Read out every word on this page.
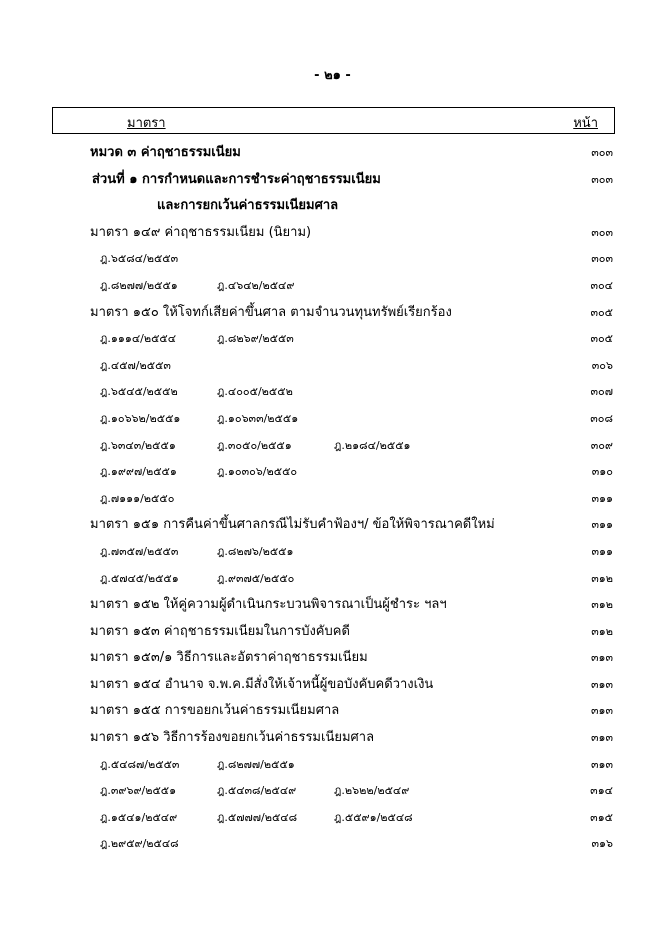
- ๒๑ -
มาตรา	หน้า
หมวด ๓ ค่าฤชาธรรมเนียม	๓๐๓
ส่วนที่ ๑ การกำหนดและการชำระค่าฤชาธรรมเนียม	๓๐๓
และการยกเว้นค่าธรรมเนียมศาล
มาตรา ๑๔๙ ค่าฤชาธรรมเนียม (นิยาม)	๓๐๓
ฎ.๖๕๘๔/๒๕๕๓	๓๐๓
ฎ.๘๒๗๗/๒๕๕๑	ฎ.๔๖๔๒/๒๕๔๙	๓๐๔
มาตรา ๑๕๐ ให้โจทก์เสียค่าขึ้นศาล ตามจำนวนทุนทรัพย์เรียกร้อง	๓๐๕
ฎ.๑๑๑๔/๒๕๕๔	ฎ.๘๒๖๙/๒๕๕๓	๓๐๕
ฎ.๔๕๗/๒๕๕๓	๓๐๖
ฎ.๖๕๔๕/๒๕๕๒	ฎ.๔๐๐๕/๒๕๕๒	๓๐๗
ฎ.๑๐๖๖๒/๒๕๕๑	ฎ.๑๐๖๓๓/๒๕๕๑	๓๐๘
ฎ.๖๓๔๓/๒๕๕๑	ฎ.๓๐๕๐/๒๕๕๑	ฎ.๒๑๘๔/๒๕๕๑	๓๐๙
ฎ.๑๙๙๗/๒๕๕๑	ฎ.๑๐๓๐๖/๒๕๕๐	๓๑๐
ฎ.๗๑๑๑/๒๕๕๐	๓๑๑
มาตรา ๑๕๑ การคืนค่าขึ้นศาลกรณีไม่รับคำฟ้องฯ/ ข้อให้พิจารณาคดีใหม่	๓๑๑
ฎ.๗๓๕๗/๒๕๕๓	ฎ.๘๒๗๖/๒๕๕๑	๓๑๑
ฎ.๕๗๔๕/๒๕๕๑	ฎ.๙๓๗๕/๒๕๕๐	๓๑๒
มาตรา ๑๕๒ ให้คู่ความผู้ดำเนินกระบวนพิจารณาเป็นผู้ชำระ ฯลฯ	๓๑๒
มาตรา ๑๕๓ ค่าฤชาธรรมเนียมในการบังคับคดี	๓๑๒
มาตรา ๑๕๓/๑ วิธีการและอัตราค่าฤชาธรรมเนียม	๓๑๓
มาตรา ๑๕๔ อำนาจ จ.พ.ค.มีสั่งให้เจ้าหนี้ผู้ขอบังคับคดีวางเงิน	๓๑๓
มาตรา ๑๕๕ การขอยกเว้นค่าธรรมเนียมศาล	๓๑๓
มาตรา ๑๕๖ วิธีการร้องขอยกเว้นค่าธรรมเนียมศาล	๓๑๓
ฎ.๕๔๘๗/๒๕๕๓	ฎ.๘๒๗๗/๒๕๕๑	๓๑๓
ฎ.๓๙๖๙/๒๕๕๑	ฎ.๕๔๓๘/๒๕๔๙	ฎ.๒๖๒๒/๒๕๔๙	๓๑๔
ฎ.๑๕๔๑/๒๕๔๙	ฎ.๕๗๗๗/๒๕๔๘	ฎ.๕๕๙๑/๒๕๔๘	๓๑๕
ฎ.๒๙๕๙/๒๕๔๘	๓๑๖
